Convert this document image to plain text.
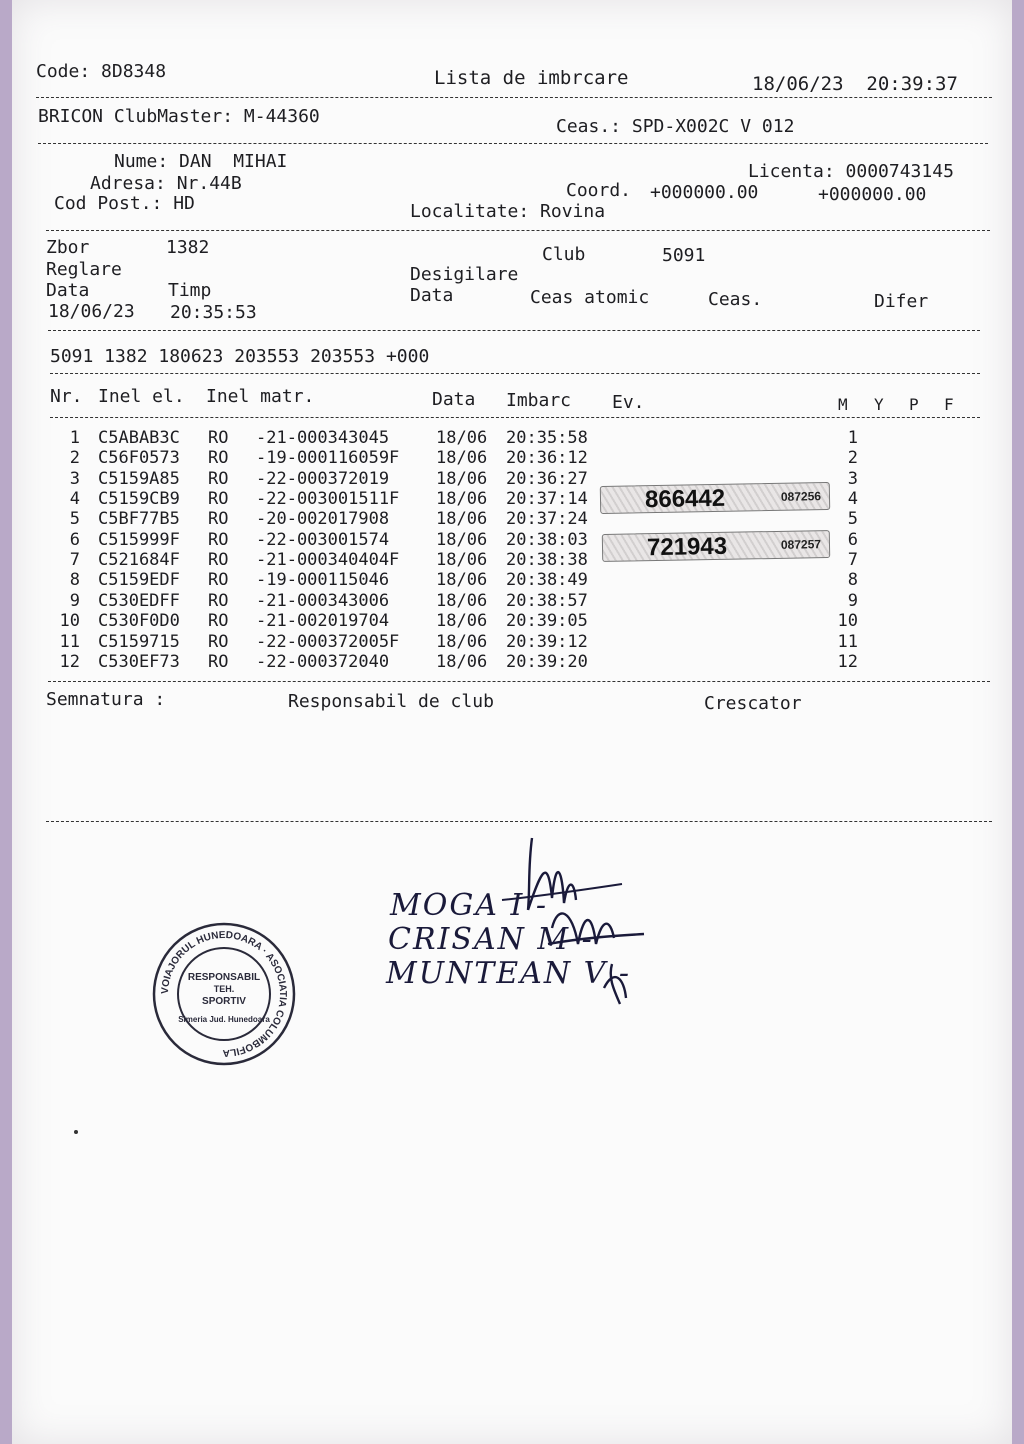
Code: 8D8348	Lista de imbrcare	18/06/23  20:39:37
BRICON ClubMaster: M-44360	Ceas.: SPD-X002C V 012
Nume: DAN  MIHAI	Licenta: 0000743145
Adresa: Nr.44B	Coord. +000000.00	+000000.00
Cod Post.: HD	Localitate: Rovina
Zbor	1382	Club	5091
Reglare	Desigilare
Data	Timp	Data	Ceas atomic	Ceas.	Difer
18/06/23 20:35:53
5091 1382 180623 203553 203553 +000
Nr. Inel el. Inel matr.	Data Imbarc Ev.	M Y P F
1 C5ABAB3C RO -21-000343045	18/06 20:35:58	1
2 C56F0573 RO -19-000116059F 18/06 20:36:12	2
3 C5159A85 RO -22-000372019	18/06 20:36:27	3
4 C5159CB9 RO -22-003001511F 18/06 20:37:14	4
5 C5BF77B5 RO -20-002017908	18/06 20:37:24	5
6 C515999F RO -22-003001574	18/06 20:38:03	6
7 C521684F RO -21-000340404F 18/06 20:38:38	7
8 C5159EDF RO -19-000115046	18/06 20:38:49	8
9 C530EDFF RO -21-000343006	18/06 20:38:57	9
10 C530F0D0 RO -21-002019704	18/06 20:39:05	10
11 C5159715 RO -22-000372005F 18/06 20:39:12	11
12 C530EF73 RO -22-000372040	18/06 20:39:20	12
866442	087256
721943	087257
Semnatura :	Responsabil de club	Crescator
MOGA I -
CRISAN M -
MUNTEAN V -
VOIAJORUL HUNEDOARA · ASOCIATIA COLUMBOFILA
RESPONSABIL
TEH.
SPORTIV
Simeria Jud. Hunedoara
